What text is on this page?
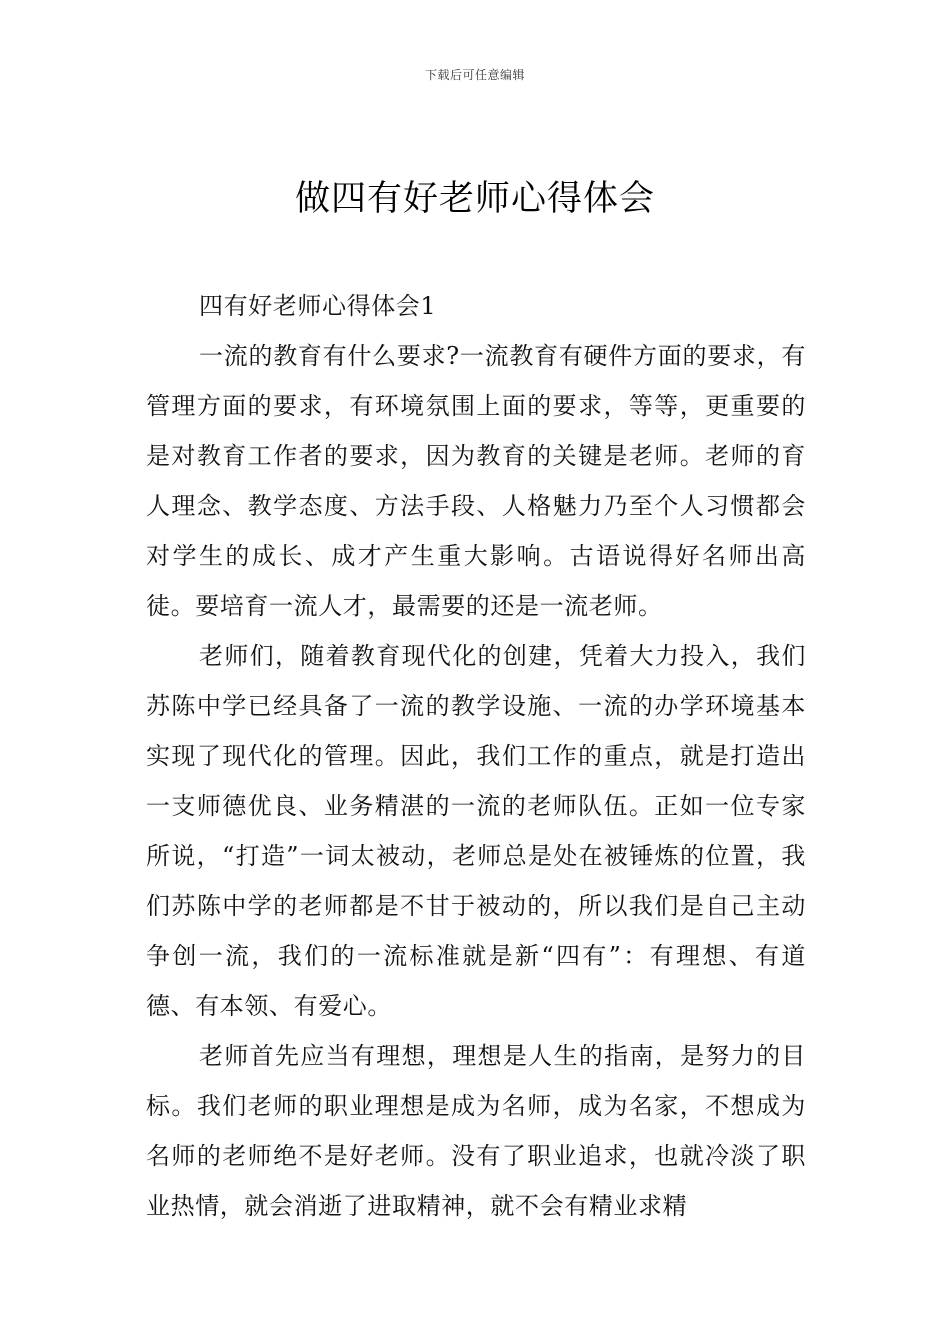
下载后可任意编辑
做四有好老师心得体会

四有好老师心得体会1

一流的教育有什么要求?一流教育有硬件方面的要求，有管理方面的要求，有环境氛围上面的要求，等等，更重要的是对教育工作者的要求，因为教育的关键是老师。老师的育人理念、教学态度、方法手段、人格魅力乃至个人习惯都会对学生的成长、成才产生重大影响。古语说得好名师出高徒。要培育一流人才，最需要的还是一流老师。

老师们，随着教育现代化的创建，凭着大力投入，我们苏陈中学已经具备了一流的教学设施、一流的办学环境基本实现了现代化的管理。因此，我们工作的重点，就是打造出一支师德优良、业务精湛的一流的老师队伍。正如一位专家所说，“打造”一词太被动，老师总是处在被锤炼的位置，我们苏陈中学的老师都是不甘于被动的，所以我们是自己主动争创一流，我们的一流标准就是新“四有”：有理想、有道德、有本领、有爱心。

老师首先应当有理想，理想是人生的指南，是努力的目标。我们老师的职业理想是成为名师，成为名家，不想成为名师的老师绝不是好老师。没有了职业追求，也就冷淡了职业热情，就会消逝了进取精神，就不会有精业求精
